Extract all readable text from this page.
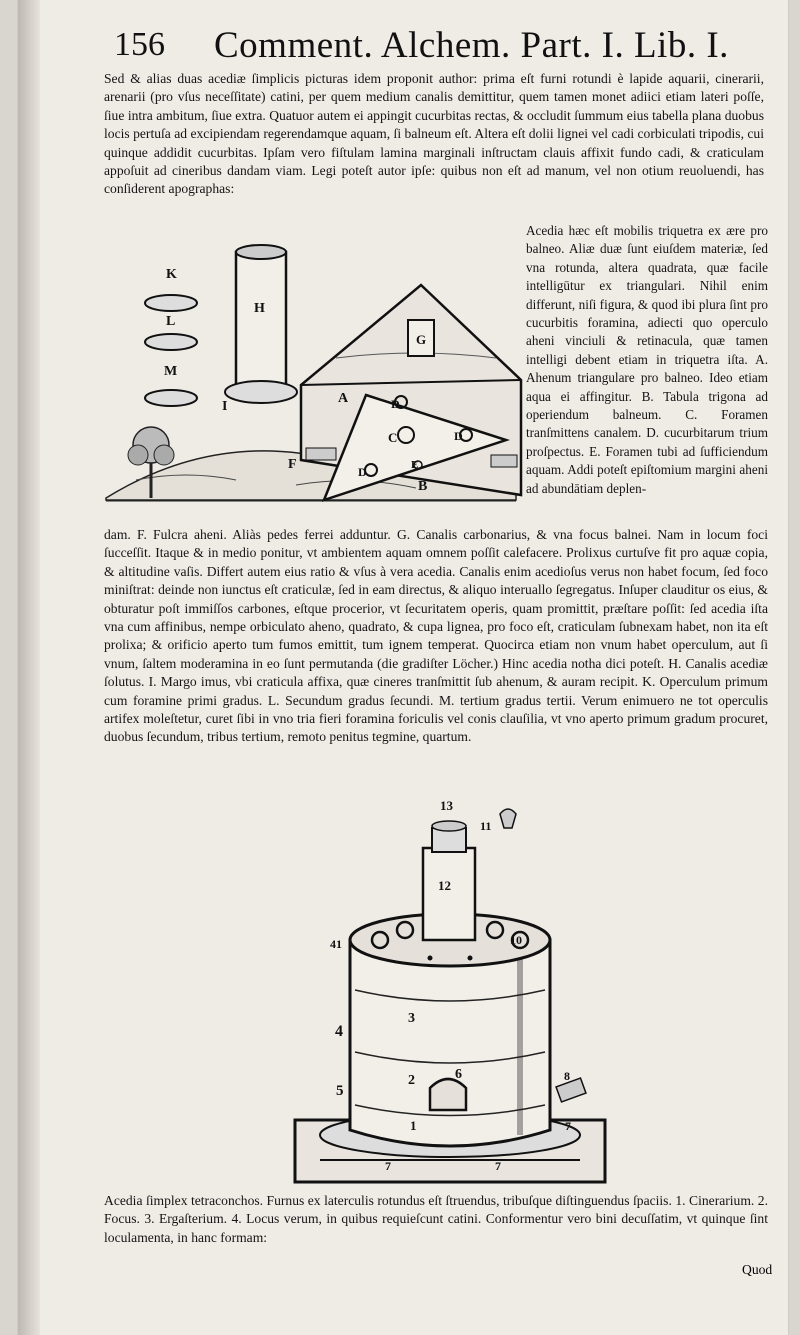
156 Comment. Alchem. Part. I. Lib. I.
Sed & alias duas acediæ ſimplicis picturas idem proponit author: prima eſt furni rotundi è lapide aquarii, cinerarii, arenarii (pro vſus neceſſitate) catini, per quem medium canalis demittitur, quem tamen monet adiici etiam lateri poſſe, ſiue intra ambitum, ſiue extra. Quatuor autem ei appingit cucurbitas rectas, & occludit ſummum eius tabella plana duobus locis pertuſa ad excipiendam regerendamque aquam, ſi balneum eſt. Altera eſt dolii lignei vel cadi corbiculati tripodis, cui quinque addidit cucurbitas. Ipſam vero fiſtulam lamina marginali inſtructam clauis affixit fundo cadi, & craticulam appoſuit ad cineribus dandam viam. Legi poteſt autor ipſe: quibus non eſt ad manum, vel non otium reuoluendi, has conſiderent apographas:
K
L
M
H
I
G
A
C
D
D
D	E
F
B
Acedia hæc eſt mobilis triquetra ex ære pro balneo. Aliæ duæ ſunt eiuſdem materiæ, ſed vna rotunda, altera quadrata, quæ facile intelligūtur ex triangulari. Nihil enim differunt, niſi figura, & quod ibi plura ſint pro cucurbitis foramina, adiecti quo operculo aheni vinciuli & retinacula, quæ tamen intelligi debent etiam in triquetra iſta. A. Ahenum triangulare pro balneo. Ideo etiam aqua ei affingitur. B. Tabula trigona ad operiendum balneum. C. Foramen tranſmittens canalem. D. cucurbitarum trium proſpectus. E. Foramen tubi ad ſufficiendum aquam. Addi poteſt epiſtomium margini aheni ad abundātiam deplen-
dam. F. Fulcra aheni. Aliàs pedes ferrei adduntur. G. Canalis carbonarius, & vna focus balnei. Nam in locum foci ſucceſſit. Itaque & in medio ponitur, vt ambientem aquam omnem poſſit calefacere. Prolixus curtuſve fit pro aquæ copia, & altitudine vaſis. Differt autem eius ratio & vſus à vera acedia. Canalis enim acedioſus verus non habet focum, ſed foco miniſtrat: deinde non iunctus eſt craticulæ, ſed in eam directus, & aliquo interuallo ſegregatus. Inſuper clauditur os eius, & obturatur poſt immiſſos carbones, eſtque procerior, vt ſecuritatem operis, quam promittit, præſtare poſſit: ſed acedia iſta vna cum affinibus, nempe orbiculato aheno, quadrato, & cupa lignea, pro foco eſt, craticulam ſubnexam habet, non ita eſt prolixa; & orificio aperto tum fumos emittit, tum ignem temperat. Quocirca etiam non vnum habet operculum, aut ſi vnum, ſaltem moderamina in eo ſunt permutanda (die gradiſter Löcher.) Hinc acedia notha dici poteſt. H. Canalis acediæ ſolutus. I. Margo imus, vbi craticula affixa, quæ cineres tranſmittit ſub ahenum, & auram recipit. K. Operculum primum cum foramine primi gradus. L. Secundum gradus ſecundi. M. tertium gradus tertii. Verum enimuero ne tot operculis artifex moleſtetur, curet ſibi in vno tria fieri foramina foriculis vel conis clauſilia, vt vno aperto primum gradum procuret, duobus ſecundum, tribus tertium, remoto penitus tegmine, quartum.
13
11
12
41	10
3
4
2	6
5
1
8
7
7	7
Acedia ſimplex tetraconchos. Furnus ex laterculis rotundus eſt ſtruendus, tribuſque diſtinguendus ſpaciis. 1. Cinerarium. 2. Focus. 3. Ergaſterium. 4. Locus verum, in quibus requieſcunt catini. Conformentur vero bini decuſſatim, vt quinque ſint loculamenta, in hanc formam:
Quod
